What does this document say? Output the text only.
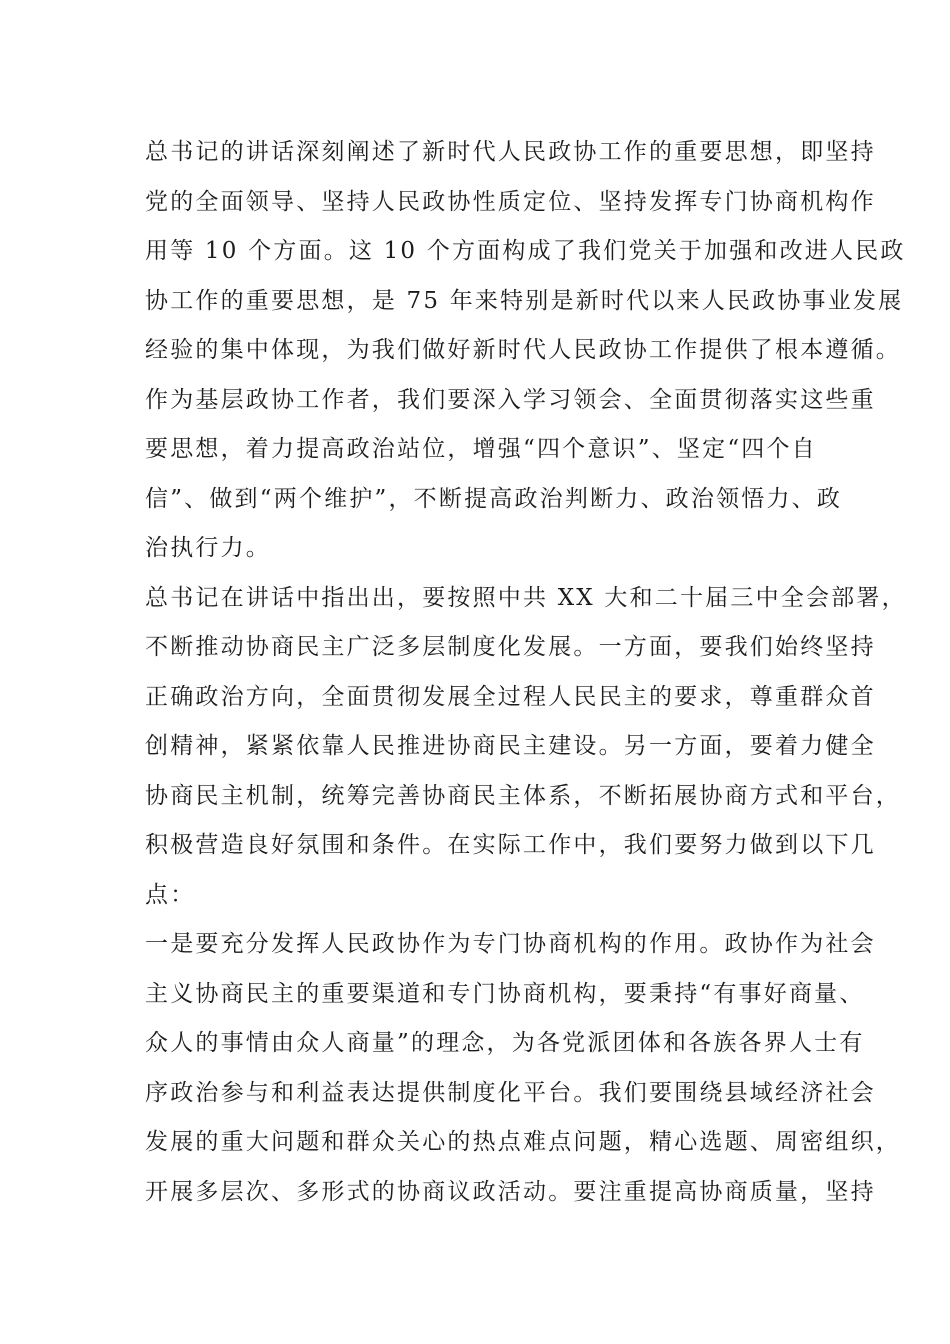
总书记的讲话深刻阐述了新时代人民政协工作的重要思想，即坚持
党的全面领导、坚持人民政协性质定位、坚持发挥专门协商机构作
用等 10 个方面。这 10 个方面构成了我们党关于加强和改进人民政
协工作的重要思想，是 75 年来特别是新时代以来人民政协事业发展
经验的集中体现，为我们做好新时代人民政协工作提供了根本遵循。
作为基层政协工作者，我们要深入学习领会、全面贯彻落实这些重
要思想，着力提高政治站位，增强“四个意识”、坚定“四个自
信”、做到“两个维护”，不断提高政治判断力、政治领悟力、政
治执行力。
总书记在讲话中指出出，要按照中共 XX 大和二十届三中全会部署，
不断推动协商民主广泛多层制度化发展。一方面，要我们始终坚持
正确政治方向，全面贯彻发展全过程人民民主的要求，尊重群众首
创精神，紧紧依靠人民推进协商民主建设。另一方面，要着力健全
协商民主机制，统筹完善协商民主体系，不断拓展协商方式和平台，
积极营造良好氛围和条件。在实际工作中，我们要努力做到以下几
点：
一是要充分发挥人民政协作为专门协商机构的作用。政协作为社会
主义协商民主的重要渠道和专门协商机构，要秉持“有事好商量、
众人的事情由众人商量”的理念，为各党派团体和各族各界人士有
序政治参与和利益表达提供制度化平台。我们要围绕县域经济社会
发展的重大问题和群众关心的热点难点问题，精心选题、周密组织，
开展多层次、多形式的协商议政活动。要注重提高协商质量，坚持
